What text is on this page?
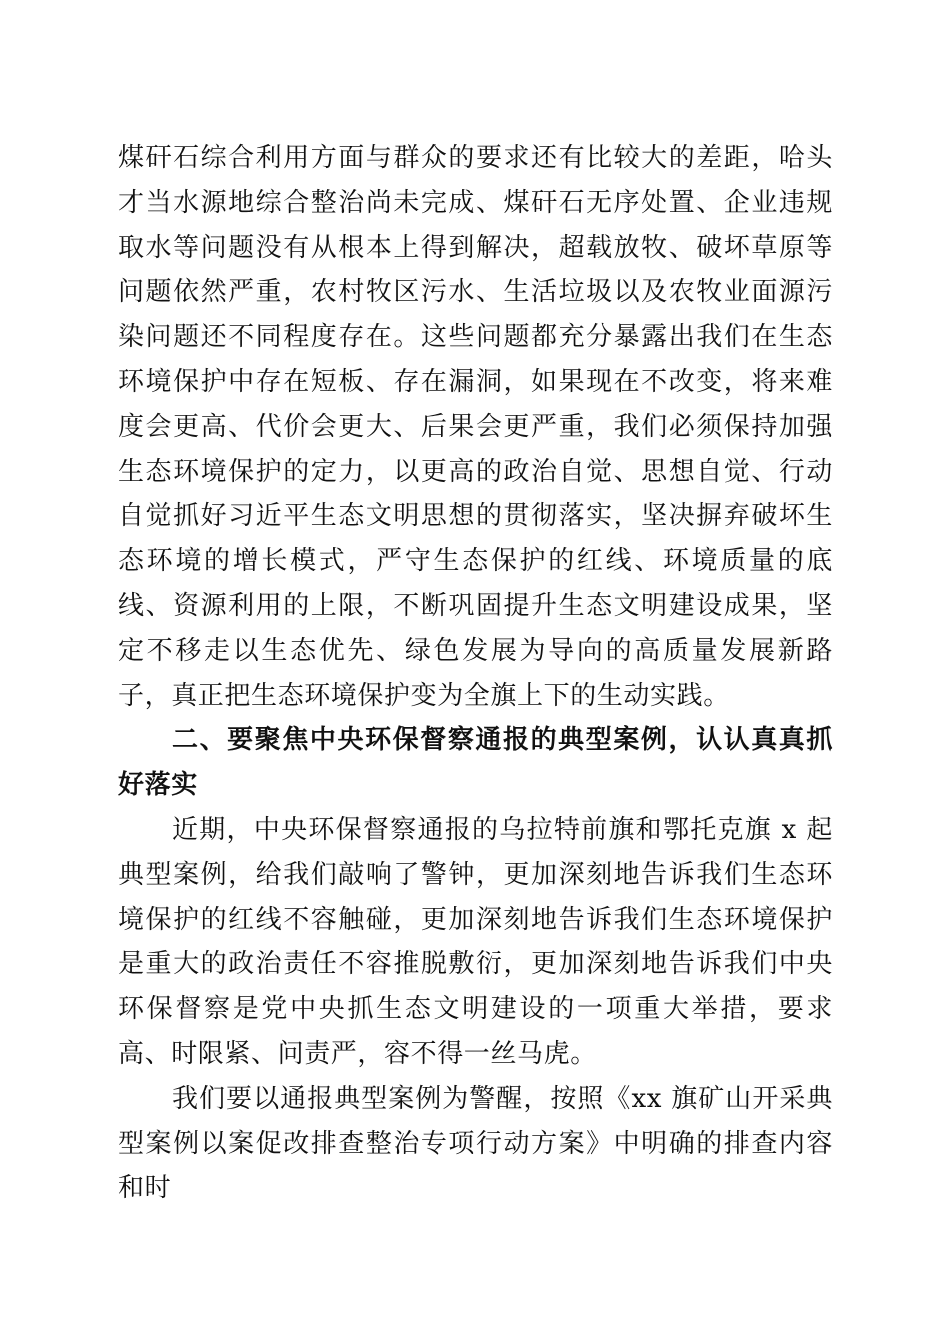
煤矸石综合利用方面与群众的要求还有比较大的差距，哈头才当水源地综合整治尚未完成、煤矸石无序处置、企业违规取水等问题没有从根本上得到解决，超载放牧、破坏草原等问题依然严重，农村牧区污水、生活垃圾以及农牧业面源污染问题还不同程度存在。这些问题都充分暴露出我们在生态环境保护中存在短板、存在漏洞，如果现在不改变，将来难度会更高、代价会更大、后果会更严重，我们必须保持加强生态环境保护的定力，以更高的政治自觉、思想自觉、行动自觉抓好习近平生态文明思想的贯彻落实，坚决摒弃破坏生态环境的增长模式，严守生态保护的红线、环境质量的底线、资源利用的上限，不断巩固提升生态文明建设成果，坚定不移走以生态优先、绿色发展为导向的高质量发展新路子，真正把生态环境保护变为全旗上下的生动实践。

二、要聚焦中央环保督察通报的典型案例，认认真真抓好落实

近期，中央环保督察通报的乌拉特前旗和鄂托克旗 x 起典型案例，给我们敲响了警钟，更加深刻地告诉我们生态环境保护的红线不容触碰，更加深刻地告诉我们生态环境保护是重大的政治责任不容推脱敷衍，更加深刻地告诉我们中央环保督察是党中央抓生态文明建设的一项重大举措，要求高、时限紧、问责严，容不得一丝马虎。

我们要以通报典型案例为警醒，按照《xx 旗矿山开采典型案例以案促改排查整治专项行动方案》中明确的排查内容和时
